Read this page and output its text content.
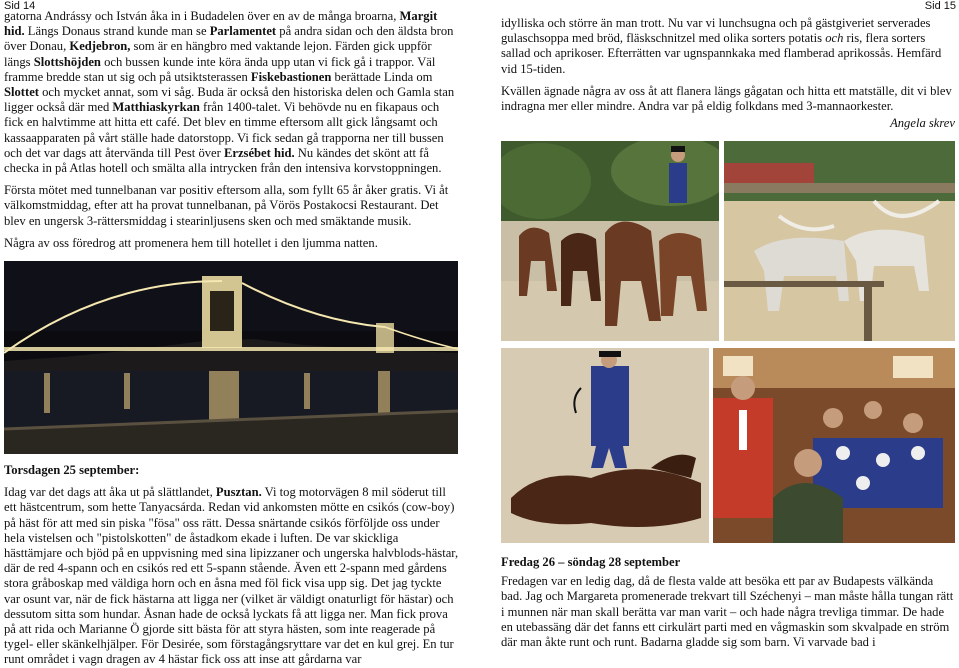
Sid 14	Sid 15

gatorna Andrássy och István åka in i Budadelen över en av de många broarna, Margit hid. Längs Donaus strand kunde man se Parlamentet på andra sidan och den äldsta bron över Donau, Kedjebron, som är en hängbro med vaktande lejon. Färden gick uppför längs Slottshöjden och bussen kunde inte köra ända upp utan vi fick gå i trappor. Väl framme bredde stan ut sig och på utsiktsterassen Fiskebastionen berättade Linda om Slottet och mycket annat, som vi såg. Buda är också den historiska delen och Gamla stan ligger också där med Matthiaskyrkan från 1400-talet. Vi behövde nu en fikapaus och fick en halvtimme att hitta ett café. Det blev en timme eftersom allt gick långsamt och kassaapparaten på vårt ställe hade datorstopp. Vi fick sedan gå trapporna ner till bussen och det var dags att återvända till Pest över Erzsébet hid. Nu kändes det skönt att få checka in på Atlas hotell och smälta alla intrycken från den intensiva korvstoppningen.

Första mötet med tunnelbanan var positiv eftersom alla, som fyllt 65 år åker gratis. Vi åt välkomstmiddag, efter att ha provat tunnelbanan, på Vörös Postakocsi Restaurant. Det blev en ungersk 3-rättersmiddag i stearinljusens sken och med smäktande musik.

Några av oss föredrog att promenera hem till hotellet i den ljumma natten.

Torsdagen 25 september:

Idag var det dags att åka ut på slättlandet, Pusztan. Vi tog motorvägen 8 mil söderut till ett hästcentrum, som hette Tanyacsárda. Redan vid ankomsten mötte en csikós (cow-boy) på häst för att med sin piska "fösa" oss rätt. Dessa snärtande csikós förföljde oss under hela vistelsen och "pistolskotten" de åstadkom ekade i luften. De var skickliga hästtämjare och bjöd på en uppvisning med sina lipizzaner och ungerska halvblods-hästar, där de red 4-spann och en csikós red ett 5-spann stående. Även ett 2-spann med gårdens stora gråboskap med väldiga horn och en åsna med föl fick visa upp sig. Det jag tyckte var osunt var, när de fick hästarna att ligga ner (vilket är väldigt onaturligt för hästar) och dessutom sitta som hundar. Åsnan hade de också lyckats få att ligga ner. Man fick prova på att rida och Marianne Ö gjorde sitt bästa för att styra hästen, som inte reagerade på tygel- eller skänkelhjälper. För Desirée, som förstagångsryttare var det en kul grej. En tur runt området i vagn dragen av 4 hästar fick oss att inse att gårdarna var

idylliska och större än man trott. Nu var vi lunchsugna och på gästgiveriet serverades gulaschsoppa med bröd, fläskschnitzel med olika sorters potatis och ris, flera sorters sallad och aprikoser. Efterrätten var ugnspannkaka med flamberad aprikossås. Hemfärd vid 15-tiden.

Kvällen ägnade några av oss åt att flanera längs gågatan och hitta ett matställe, dit vi blev indragna mer eller mindre. Andra var på eldig folkdans med 3-mannaorkester.

Angela skrev

Fredag 26 – söndag 28 september

Fredagen var en ledig dag, då de flesta valde att besöka ett par av Budapests välkända bad. Jag och Margareta promenerade trekvart till Széchenyi – man måste hålla tungan rätt i munnen när man skall berätta var man varit – och hade några trevliga timmar. De hade en utebassäng där det fanns ett cirkulärt parti med en vågmaskin som skvalpade en ström där man åkte runt och runt. Badarna gladde sig som barn. Vi varvade bad i
